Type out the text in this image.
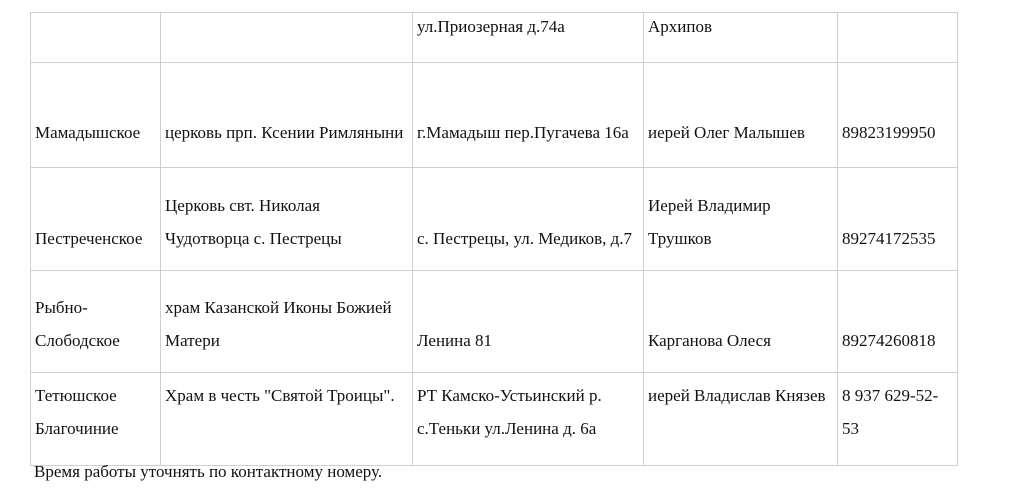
		ул.Приозерная д.74а	Архипов	

Мамадышское	церковь прп. Ксении Римляныни	г.Мамадыш пер.Пугачева 16а	иерей Олег Малышев	89823199950

Пестреченское	Церковь свт. Николая Чудотворца с. Пестрецы	с. Пестрецы, ул. Медиков, д.7	Иерей Владимир Трушков	89274172535

Рыбно-Слободское	храм Казанской Иконы Божией Матери	Ленина 81	Карганова Олеся	89274260818

Тетюшское Благочиние	Храм в честь "Святой Троицы".	РТ Камско-Устьинский р. с.Теньки ул.Ленина д. 6а	иерей Владислав Князев	8 937 629-52-53
Время работы уточнять по контактному номеру.
